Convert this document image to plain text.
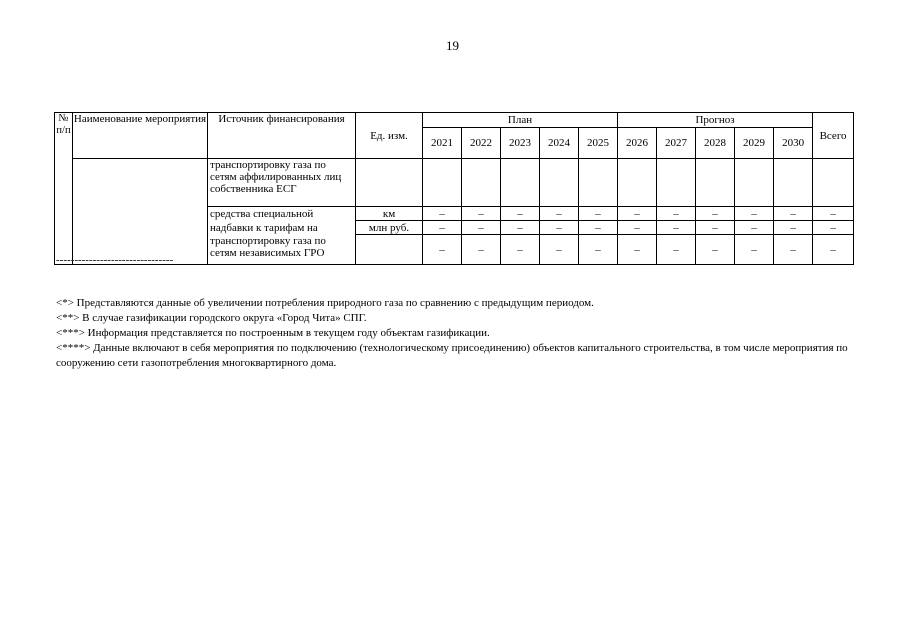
19
№ п/п	Наименование мероприятия	Источник финансирования	Ед. изм.	План					Прогноз					Всего
				2021	2022	2023	2024	2025	2026	2027	2028	2029	2030	
		транспортировку газа по сетям аффилированных лиц собственника ЕСГ												
		средства специальной	км	–	–	–	–	–	–	–	–	–	–	–
		надбавки к тарифам на	млн руб.	–	–	–	–	–	–	–	–	–	–	–
		транспортировку газа по сетям независимых ГРО		–	–	–	–	–	–	–	–	–	–	–
--------------------------------

<*> Представляются данные об увеличении потребления природного газа по сравнению с предыдущим периодом.

<**> В случае газификации городского округа «Город Чита» СПГ.

<***> Информация представляется по построенным в текущем году объектам газификации.

<****> Данные включают в себя мероприятия по подключению (технологическому присоединению) объектов капитального строительства, в том числе мероприятия по сооружению сети газопотребления многоквартирного дома.
